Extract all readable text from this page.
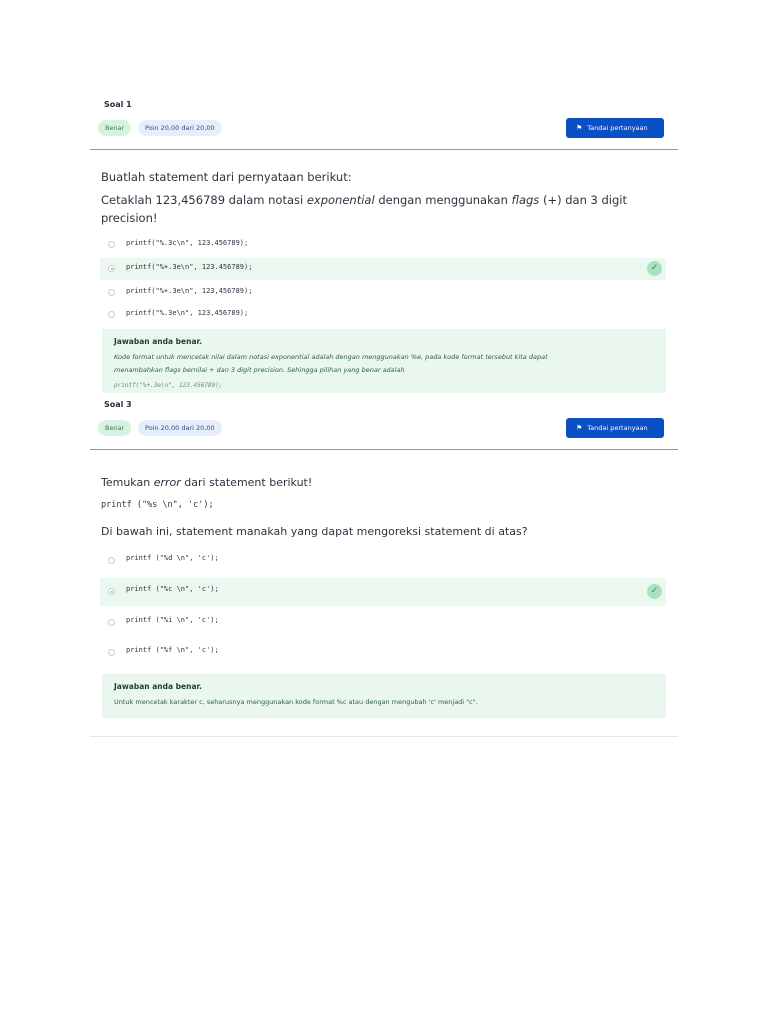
Soal 1
Benar	Poin 20,00 dari 20,00	⚑ Tandai pertanyaan
Buatlah statement dari pernyataan berikut:
Cetaklah 123,456789 dalam notasi exponential dengan menggunakan flags (+) dan 3 digit
precision!
printf("%.3c\n", 123.456789);
printf("%+.3e\n", 123.456789);	✓
printf("%+.3e\n", 123,456789);
printf("%.3e\n", 123,456789);
Jawaban anda benar.
Kode format untuk mencetak nilai dalam notasi exponential adalah dengan menggunakan %e, pada kode format tersebut kita dapat
menambahkan flags bernilai + dan 3 digit precision. Sehingga pilihan yang benar adalah
printf("%+.3e\n", 123.456789);
Soal 3
Benar	Poin 20,00 dari 20,00	⚑ Tandai pertanyaan
Temukan error dari statement berikut!
printf ("%s \n", 'c');
Di bawah ini, statement manakah yang dapat mengoreksi statement di atas?
printf ("%d \n", 'c');
printf ("%c \n", 'c');	✓
printf ("%i \n", 'c');
printf ("%f \n", 'c');
Jawaban anda benar.
Untuk mencetak karakter c, seharusnya menggunakan kode format %c atau dengan mengubah 'c' menjadi "c".
